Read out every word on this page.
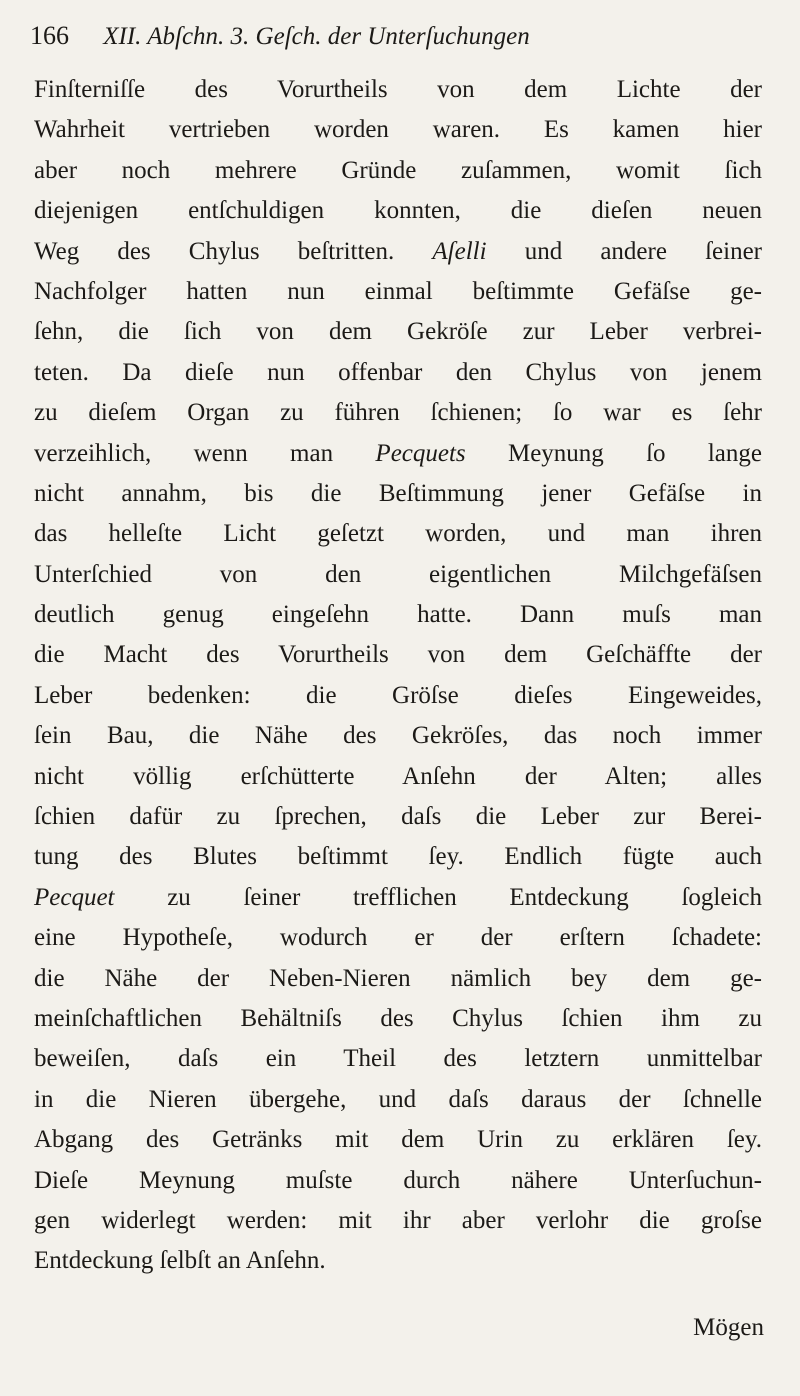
166 XII. Abſchn. 3. Geſch. der Unterſuchungen
Finſterniſſe des Vorurtheils von dem Lichte der
Wahrheit vertrieben worden waren. Es kamen hier
aber noch mehrere Gründe zuſammen, womit ſich
diejenigen entſchuldigen konnten, die dieſen neuen
Weg des Chylus beſtritten. Aſelli und andere ſeiner
Nachfolger hatten nun einmal beſtimmte Gefäſse ge-
ſehn, die ſich von dem Gekröſe zur Leber verbrei-
teten. Da dieſe nun offenbar den Chylus von jenem
zu dieſem Organ zu führen ſchienen; ſo war es ſehr
verzeihlich, wenn man Pecquets Meynung ſo lange
nicht annahm, bis die Beſtimmung jener Gefäſse in
das helleſte Licht geſetzt worden, und man ihren
Unterſchied von den eigentlichen Milchgefäſsen
deutlich genug eingeſehn hatte. Dann muſs man
die Macht des Vorurtheils von dem Geſchäffte der
Leber bedenken: die Gröſse dieſes Eingeweides,
ſein Bau, die Nähe des Gekröſes, das noch immer
nicht völlig erſchütterte Anſehn der Alten; alles
ſchien dafür zu ſprechen, daſs die Leber zur Berei-
tung des Blutes beſtimmt ſey. Endlich fügte auch
Pecquet zu ſeiner trefflichen Entdeckung ſogleich
eine Hypotheſe, wodurch er der erſtern ſchadete:
die Nähe der Neben-Nieren nämlich bey dem ge-
meinſchaftlichen Behältniſs des Chylus ſchien ihm zu
beweiſen, daſs ein Theil des letztern unmittelbar
in die Nieren übergehe, und daſs daraus der ſchnelle
Abgang des Getränks mit dem Urin zu erklären ſey.
Dieſe Meynung muſste durch nähere Unterſuchun-
gen widerlegt werden: mit ihr aber verlohr die groſse
Entdeckung ſelbſt an Anſehn.
Mögen
